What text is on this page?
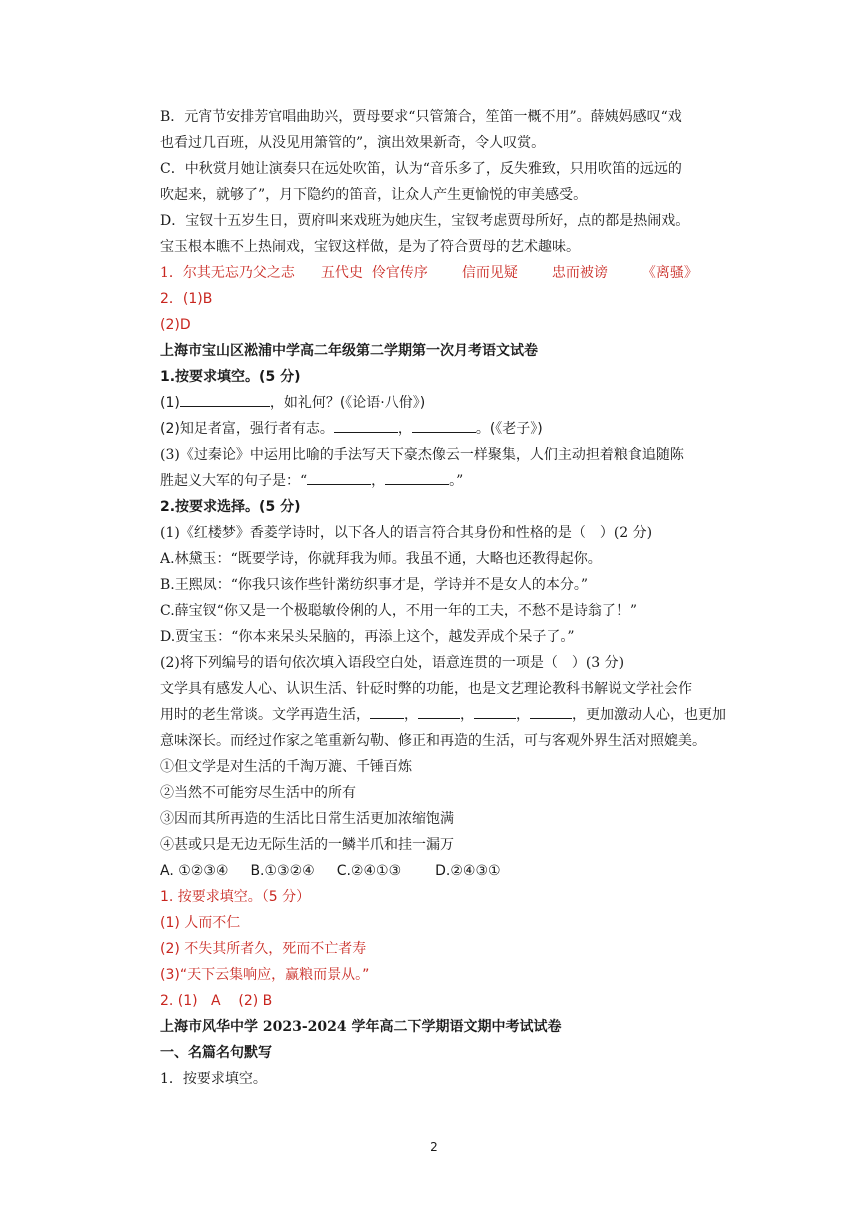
B．元宵节安排芳官唱曲助兴，贾母要求“只管箫合，笙笛一概不用”。薛姨妈感叹“戏
也看过几百班，从没见用箫管的”，演出效果新奇，令人叹赏。
C．中秋赏月她让演奏只在远处吹笛，认为“音乐多了，反失雅致，只用吹笛的远远的
吹起来，就够了”，月下隐约的笛音，让众人产生更愉悦的审美感受。
D．宝钗十五岁生日，贾府叫来戏班为她庆生，宝钗考虑贾母所好，点的都是热闹戏。
宝玉根本瞧不上热闹戏，宝钗这样做，是为了符合贾母的艺术趣味。
1．尔其无忘乃父之志 五代史 伶官传序 信而见疑 忠而被谤 《离骚》
2．(1)B
(2)D
上海市宝山区淞浦中学高二年级第二学期第一次月考语文试卷
1.按要求填空。(5 分)
(1)	，如礼何？(《论语·八佾》)
(2)知足者富，强行者有志。	，	。(《老子》)
(3)《过秦论》中运用比喻的手法写天下豪杰像云一样聚集，人们主动担着粮食追随陈
胜起义大军的句子是：“	，	。”
2.按要求选择。(5 分)
(1)《红楼梦》香菱学诗时，以下各人的语言符合其身份和性格的是（　）(2 分)
A.林黛玉：“既要学诗，你就拜我为师。我虽不通，大略也还教得起你。
B.王熙凤：“你我只该作些针黹纺织事才是，学诗并不是女人的本分。”
C.薛宝钗“你又是一个极聪敏伶俐的人，不用一年的工夫，不愁不是诗翁了！”
D.贾宝玉：“你本来呆头呆脑的，再添上这个，越发弄成个呆子了。”
(2)将下列编号的语句依次填入语段空白处，语意连贯的一项是（　）(3 分)
文学具有感发人心、认识生活、针砭时弊的功能，也是文艺理论教科书解说文学社会作
用时的老生常谈。文学再造生活， ，	，	，	，更加激动人心，也更加
意味深长。而经过作家之笔重新勾勒、修正和再造的生活，可与客观外界生活对照媲美。
①但文学是对生活的千淘万漉、千锤百炼
②当然不可能穷尽生活中的所有
③因而其所再造的生活比日常生活更加浓缩饱满
④甚或只是无边无际生活的一鳞半爪和挂一漏万
A. ①②③④ B.①③②④ C.②④①③ D.②④③①
1. 按要求填空。（5 分）
(1) 人而不仁
(2) 不失其所者久，死而不亡者寿
(3)“天下云集响应，赢粮而景从。”
2. (1)   A    (2) B
上海市风华中学 2023-2024 学年高二下学期语文期中考试试卷
一、名篇名句默写
1．按要求填空。
2
